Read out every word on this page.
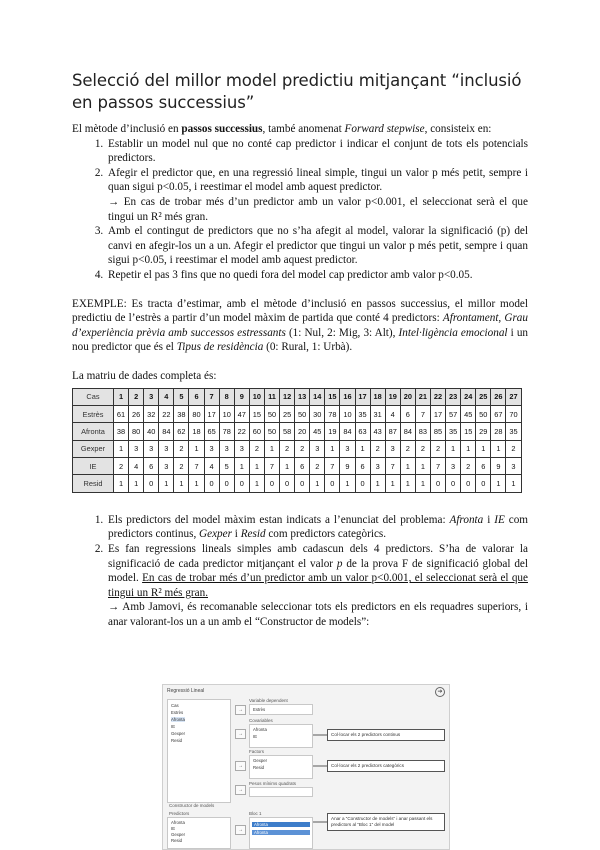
Selecció del millor model predictiu mitjançant “inclusió en passos successius”

El mètode d’inclusió en passos successius, també anomenat Forward stepwise, consisteix en:

1. Establir un model nul que no conté cap predictor i indicar el conjunt de tots els potencials predictors.
2. Afegir el predictor que, en una regressió lineal simple, tingui un valor p més petit, sempre i quan sigui p<0.05, i reestimar el model amb aquest predictor.
→ En cas de trobar més d’un predictor amb un valor p<0.001, el seleccionat serà el que tingui un R² més gran.
3. Amb el contingut de predictors que no s’ha afegit al model, valorar la significació (p) del canvi en afegir-los un a un. Afegir el predictor que tingui un valor p més petit, sempre i quan sigui p<0.05, i reestimar el model amb aquest predictor.
4. Repetir el pas 3 fins que no quedi fora del model cap predictor amb valor p<0.05.

EXEMPLE: Es tracta d’estimar, amb el mètode d’inclusió en passos successius, el millor model predictiu de l’estrès a partir d’un model màxim de partida que conté 4 predictors: Afrontament, Grau d’experiència prèvia amb successos estressants (1: Nul, 2: Mig, 3: Alt), Intel·ligència emocional i un nou predictor que és el Tipus de residència (0: Rural, 1: Urbà).

La matriu de dades completa és:

Cas	1	2	3	4	5	6	7	8	9	10	11	12	13	14	15	16	17	18	19	20	21	22	23	24	25	26	27
Estrès	61	26	32	22	38	80	17	10	47	15	50	25	50	30	78	10	35	31	4	6	7	17	57	45	50	67	70
Afronta	38	80	40	84	62	18	65	78	22	60	50	58	20	45	19	84	63	43	87	84	83	85	35	15	29	28	35
Gexper	1	3	3	3	2	1	3	3	3	2	1	2	2	3	1	3	1	2	3	2	2	2	1	1	1	1	2
IE	2	4	6	3	2	7	4	5	1	1	7	1	6	2	7	9	6	3	7	1	1	7	3	2	6	9	3
Resid	1	1	0	1	1	1	0	0	0	1	0	0	0	1	0	1	0	1	1	1	1	0	0	0	0	1	1
1. Els predictors del model màxim estan indicats a l’enunciat del problema: Afronta i IE com predictors continus, Gexper i Resid com predictors categòrics.
2. Es fan regressions lineals simples amb cadascun dels 4 predictors. S’ha de valorar la significació de cada predictor mitjançant el valor p de la prova F de significació global del model. En cas de trobar més d’un predictor amb un valor p<0.001, el seleccionat serà el que tingui un R² més gran.
→ Amb Jamovi, és recomanable seleccionar tots els predictors en els requadres superiors, i anar valorant-los un a un amb el “Constructor de models”:
Regressió Lineal	➔
Cas
Estrès
Afronta
IE
Gexper
Resid
→
Variable dependent
Estrès
→
Covariables
Afronta
IE
→
Factors
Gexper
Resid
→
Pesos mínims quadrats
Constructor de models
Predictors
Afronta
IE
Gexper
Resid
→
Bloc 1
Afronta
Afronta
Col·locar els 2 predictors continus
Col·locar els 2 predictors categòrics
Anar a “Constructor de models” i anar passant els predictors al “Bloc 1” del model
